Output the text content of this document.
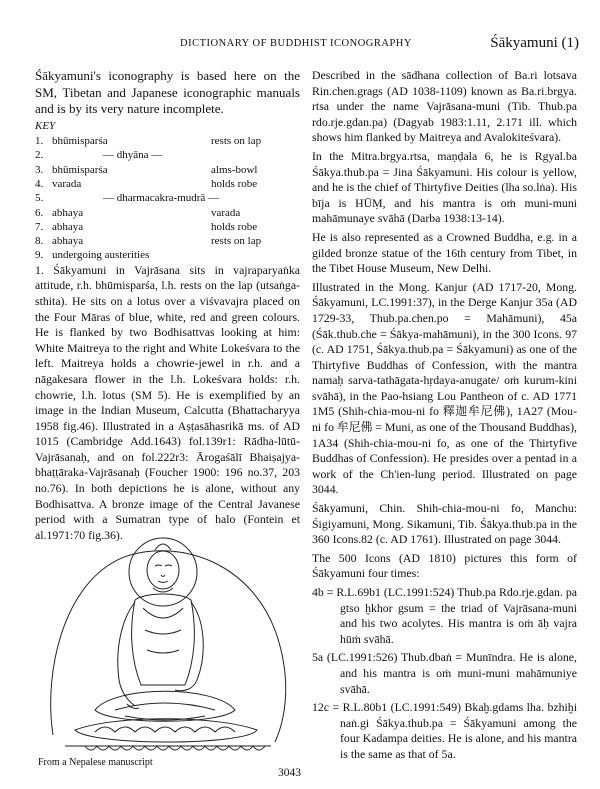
DICTIONARY OF BUDDHIST ICONOGRAPHY	Śākyamuni (1)

Śākyamuni's iconography is based here on the SM, Tibetan and Japanese iconographic manuals and is by its very nature incomplete.

KEY
1. bhūmisparśa	rests on lap
2.	— dhyāna —
3. bhūmisparśa	alms-bowl
4. varada	holds robe
5.	— dharmacakra-mudrā —
6. abhaya	varada
7. abhaya	holds robe
8. abhaya	rests on lap
9. undergoing austerities

1. Śākyamuni in Vajrāsana sits in vajraparyaṅka attitude, r.h. bhūmisparśa, l.h. rests on the lap (utsaṅga-sthita). He sits on a lotus over a viśvavajra placed on the Four Māras of blue, white, red and green colours. He is flanked by two Bodhisattvas looking at him: White Maitreya to the right and White Lokeśvara to the left. Maitreya holds a chowrie-jewel in r.h. and a nāgakesara flower in the l.h. Lokeśvara holds: r.h. chowrie, l.h. lotus (SM 5). He is exemplified by an image in the Indian Museum, Calcutta (Bhattacharyya 1958 fig.46). Illustrated in a Aṣṭasāhasrikā ms. of AD 1015 (Cambridge Add.1643) fol.139r1: Rādha-lūtū-Vajrāsanaḥ, and on fol.222r3: Ārogaśālī Bhaiṣajya-bhaṭṭāraka-Vajrāsanaḥ (Foucher 1900: 196 no.37, 203 no.76). In both depictions he is alone, without any Bodhisattva. A bronze image of the Central Javanese period with a Sumatran type of halo (Fontein et al.1971:70 fig.36).

From a Nepalese manuscript

Described in the sādhana collection of Ba.ri lotsava Rin.chen.grags (AD 1038-1109) known as Ba.ri.brgya. rtsa under the name Vajrāsana-muni (Tib. Thub.pa rdo.rje.gdan.pa) (Dagyab 1983:1.11, 2.171 ill. which shows him flanked by Maitreya and Avalokiteśvara).

In the Mitra.brgya.rtsa, maṇḍala 6, he is Rgyal.ba Śākya.thub.pa = Jina Śākyamuni. His colour is yellow, and he is the chief of Thirtyfive Deities (lha so.lṅa). His bīja is HŪṂ, and his mantra is oṁ muni-muni mahāmunaye svāhā (Darba 1938:13-14).

He is also represented as a Crowned Buddha, e.g. in a gilded bronze statue of the 16th century from Tibet, in the Tibet House Museum, New Delhi.

Illustrated in the Mong. Kanjur (AD 1717-20, Mong. Śākyamuni, LC.1991:37), in the Derge Kanjur 35a (AD 1729-33, Thub.pa.chen.po = Mahāmuni), 45a (Śāk.thub.che = Śākya-mahāmuni), in the 300 Icons. 97 (c. AD 1751, Śākya.thub.pa = Śākyamuni) as one of the Thirtyfive Buddhas of Confession, with the mantra namaḥ sarva-tathāgata-hṛdaya-anugate/ oṁ kurum-kini svāhā), in the Pao-hsiang Lou Pantheon of c. AD 1771 1M5 (Shih-chia-mou-ni fo 釋迦牟尼佛), 1A27 (Mou-ni fo 牟尼佛 = Muni, as one of the Thousand Buddhas), 1A34 (Shih-chia-mou-ni fo, as one of the Thirtyfive Buddhas of Confession). He presides over a pentad in a work of the Ch'ien-lung period. Illustrated on page 3044.

Śākyamuni, Chin. Shih-chia-mou-ni fo, Manchu: Śigiyamuni, Mong. Sikamuni, Tib. Śākya.thub.pa in the 360 Icons.82 (c. AD 1761). Illustrated on page 3044.

The 500 Icons (AD 1810) pictures this form of Śākyamuni four times:

4b = R.L.69b1 (LC.1991:524) Thub.pa Rdo.rje.gdan. pa gtso ḫkhor gsum = the triad of Vajrāsana-muni and his two acolytes. His mantra is oṁ āḥ vajra hūṁ svāhā.

5a (LC.1991:526) Thub.dbaṅ = Munīndra. He is alone, and his mantra is oṁ muni-muni mahāmuniye svāhā.

12c = R.L.80b1 (LC.1991:549) Bkaḫ.gdams lha. bzhiḫi naṅ.gi Śākya.thub.pa = Śākyamuni among the four Kadampa deities. He is alone, and his mantra is the same as that of 5a.

3043
